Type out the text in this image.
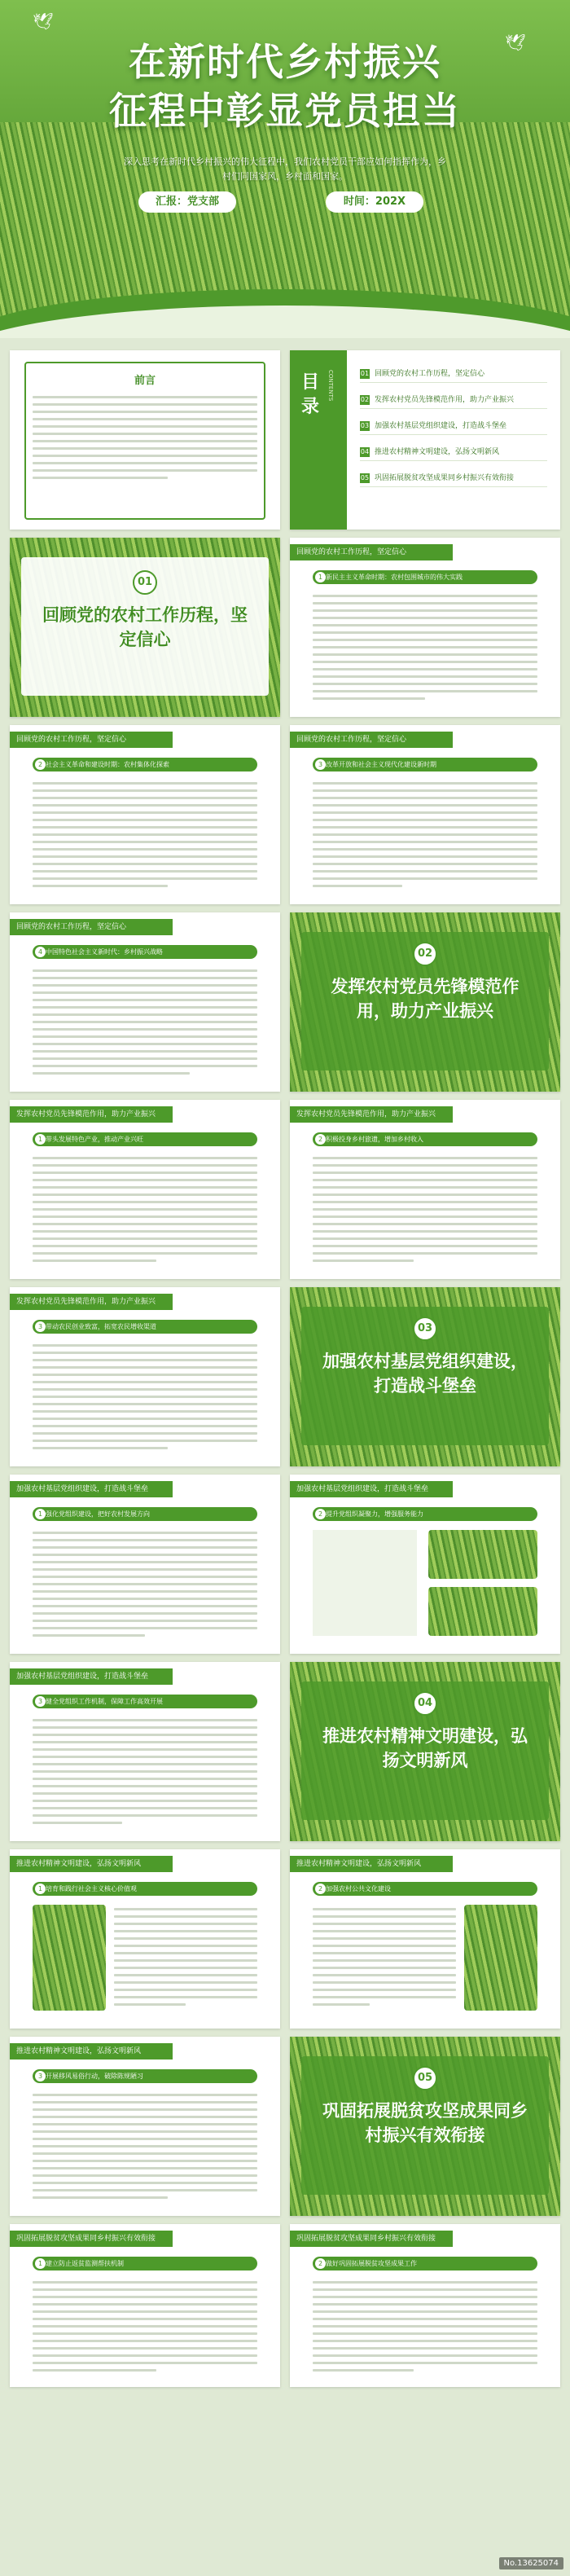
🕊
🕊
在新时代乡村振兴
征程中彰显党员担当
深入思考在新时代乡村振兴的伟大征程中，我们农村党员干部应如何指挥作为，乡村们同国家风，乡村面和国家。
汇报：党支部	时间：202X
前言	目录
CONTENTS	01 回顾党的农村工作历程，坚定信心
02 发挥农村党员先锋模范作用，助力产业振兴
03 加强农村基层党组织建设，打造战斗堡垒
04 推进农村精神文明建设，弘扬文明新风
05 巩固拓展脱贫攻坚成果同乡村振兴有效衔接
01
回顾党的农村工作历程，坚定信心
回顾党的农村工作历程，坚定信心
1 新民主主义革命时期：农村包围城市的伟大实践
回顾党的农村工作历程，坚定信心
2 社会主义革命和建设时期：农村集体化探索
回顾党的农村工作历程，坚定信心
3 改革开放和社会主义现代化建设新时期
回顾党的农村工作历程，坚定信心
4 中国特色社会主义新时代：乡村振兴战略	02
发挥农村党员先锋模范作用，助力产业振兴
发挥农村党员先锋模范作用，助力产业振兴
1 带头发展特色产业，推动产业兴旺
发挥农村党员先锋模范作用，助力产业振兴
2 积极投身乡村旅遗，增加乡村收入
发挥农村党员先锋模范作用，助力产业振兴
3 带动农民创业致富，拓宽农民增收渠道	03
加强农村基层党组织建设，打造战斗堡垒
加强农村基层党组织建设，打造战斗堡垒
1 强化党组织建设，把好农村发展方向
加强农村基层党组织建设，打造战斗堡垒
2 提升党组织凝聚力，增强服务能力
加强农村基层党组织建设，打造战斗堡垒
3 健全党组织工作机制，保障工作高效开展	04
推进农村精神文明建设，弘扬文明新风
推进农村精神文明建设，弘扬文明新风
1 培育和践行社会主义核心价值观
推进农村精神文明建设，弘扬文明新风
2 加强农村公共文化建设
推进农村精神文明建设，弘扬文明新风
3 开展移风易俗行动，破除陈规陋习	05
巩固拓展脱贫攻坚成果同乡村振兴有效衔接
巩固拓展脱贫攻坚成果同乡村振兴有效衔接
1 建立防止返贫监测帮扶机制
巩固拓展脱贫攻坚成果同乡村振兴有效衔接
2 做好巩固拓展脱贫攻坚成果工作
No.13625074
